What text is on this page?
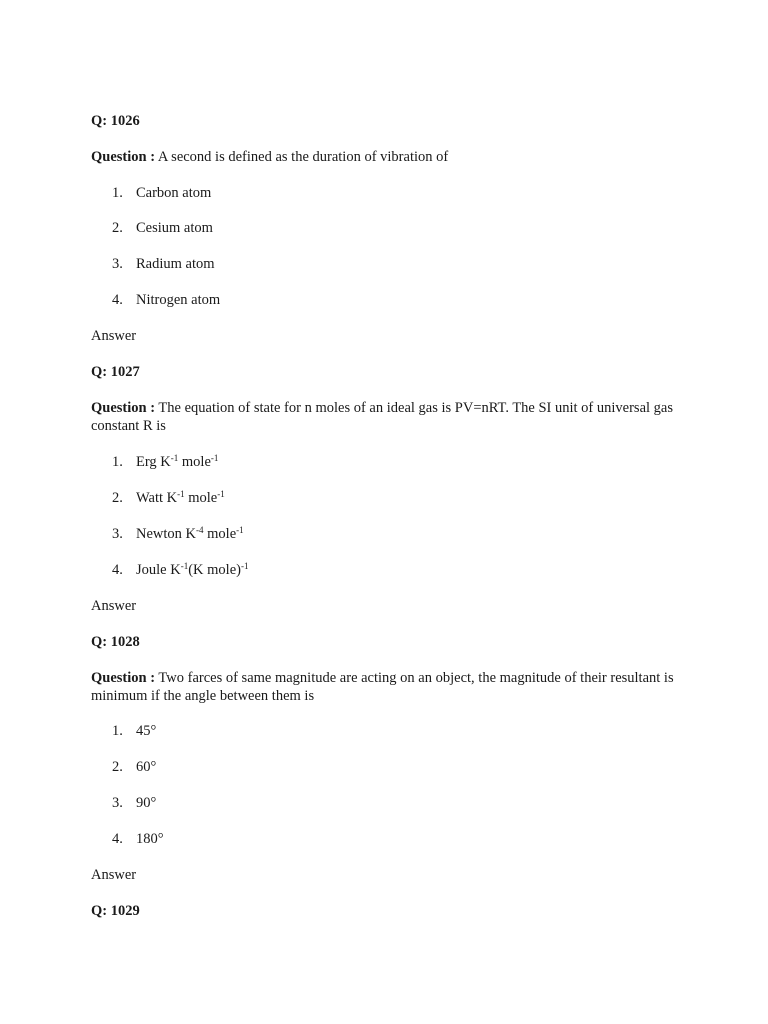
Q: 1026
Question : A second is defined as the duration of vibration of
1. Carbon atom
2. Cesium atom
3. Radium atom
4. Nitrogen atom
Answer
Q: 1027
Question : The equation of state for n moles of an ideal gas is PV=nRT. The SI unit of universal gas constant R is
1. Erg $K^{-1}$ mole$^{-1}$
2. Watt $K^{-1}$ mole$^{-1}$
3. Newton $K^{-4}$ mole$^{-1}$
4. Joule $K^{-1}(K$ mole)$^{-1}$
Answer
Q: 1028
Question : Two farces of same magnitude are acting on an object, the magnitude of their resultant is minimum if the angle between them is
1. 45°
2. 60°
3. 90°
4. 180°
Answer
Q: 1029
